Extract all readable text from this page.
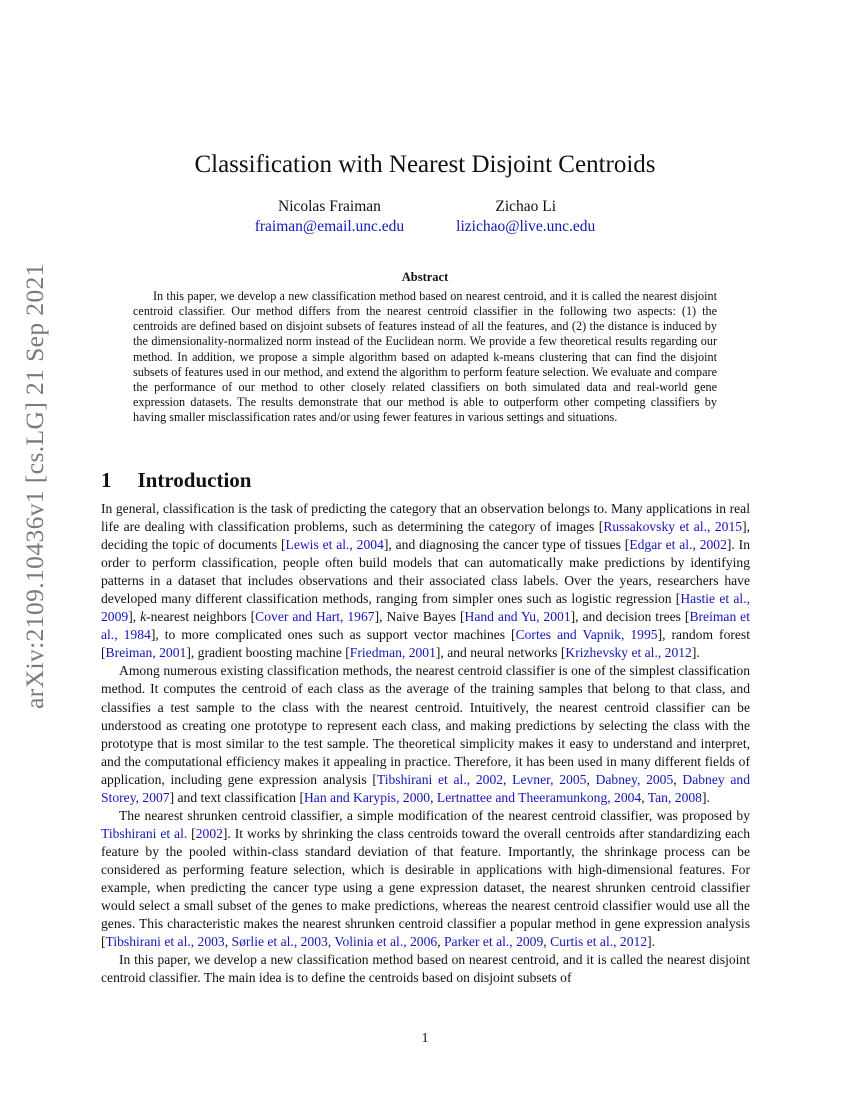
arXiv:2109.10436v1 [cs.LG] 21 Sep 2021
Classification with Nearest Disjoint Centroids
Nicolas Fraiman
fraiman@email.unc.edu
Zichao Li
lizichao@live.unc.edu
Abstract

In this paper, we develop a new classification method based on nearest centroid, and it is called the nearest disjoint centroid classifier. Our method differs from the nearest centroid classifier in the following two aspects: (1) the centroids are defined based on disjoint subsets of features instead of all the features, and (2) the distance is induced by the dimensionality-normalized norm instead of the Euclidean norm. We provide a few theoretical results regarding our method. In addition, we propose a simple algorithm based on adapted k-means clustering that can find the disjoint subsets of features used in our method, and extend the algorithm to perform feature selection. We evaluate and compare the performance of our method to other closely related classifiers on both simulated data and real-world gene expression datasets. The results demonstrate that our method is able to outperform other competing classifiers by having smaller misclassification rates and/or using fewer features in various settings and situations.

1 Introduction

In general, classification is the task of predicting the category that an observation belongs to. Many applications in real life are dealing with classification problems, such as determining the category of images [Russakovsky et al., 2015], deciding the topic of documents [Lewis et al., 2004], and diagnosing the cancer type of tissues [Edgar et al., 2002]. In order to perform classification, people often build models that can automatically make predictions by identifying patterns in a dataset that includes observations and their associated class labels. Over the years, researchers have developed many different classification methods, ranging from simpler ones such as logistic regression [Hastie et al., 2009], k-nearest neighbors [Cover and Hart, 1967], Naive Bayes [Hand and Yu, 2001], and decision trees [Breiman et al., 1984], to more complicated ones such as support vector machines [Cortes and Vapnik, 1995], random forest [Breiman, 2001], gradient boosting machine [Friedman, 2001], and neural networks [Krizhevsky et al., 2012].

Among numerous existing classification methods, the nearest centroid classifier is one of the simplest classification method. It computes the centroid of each class as the average of the training samples that belong to that class, and classifies a test sample to the class with the nearest centroid. Intuitively, the nearest centroid classifier can be understood as creating one prototype to represent each class, and making predictions by selecting the class with the prototype that is most similar to the test sample. The theoretical simplicity makes it easy to understand and interpret, and the computational efficiency makes it appealing in practice. Therefore, it has been used in many different fields of application, including gene expression analysis [Tibshirani et al., 2002, Levner, 2005, Dabney, 2005, Dabney and Storey, 2007] and text classification [Han and Karypis, 2000, Lertnattee and Theeramunkong, 2004, Tan, 2008].

The nearest shrunken centroid classifier, a simple modification of the nearest centroid classifier, was proposed by Tibshirani et al. [2002]. It works by shrinking the class centroids toward the overall centroids after standardizing each feature by the pooled within-class standard deviation of that feature. Importantly, the shrinkage process can be considered as performing feature selection, which is desirable in applications with high-dimensional features. For example, when predicting the cancer type using a gene expression dataset, the nearest shrunken centroid classifier would select a small subset of the genes to make predictions, whereas the nearest centroid classifier would use all the genes. This characteristic makes the nearest shrunken centroid classifier a popular method in gene expression analysis [Tibshirani et al., 2003, Sørlie et al., 2003, Volinia et al., 2006, Parker et al., 2009, Curtis et al., 2012].

In this paper, we develop a new classification method based on nearest centroid, and it is called the nearest disjoint centroid classifier. The main idea is to define the centroids based on disjoint subsets of

1
